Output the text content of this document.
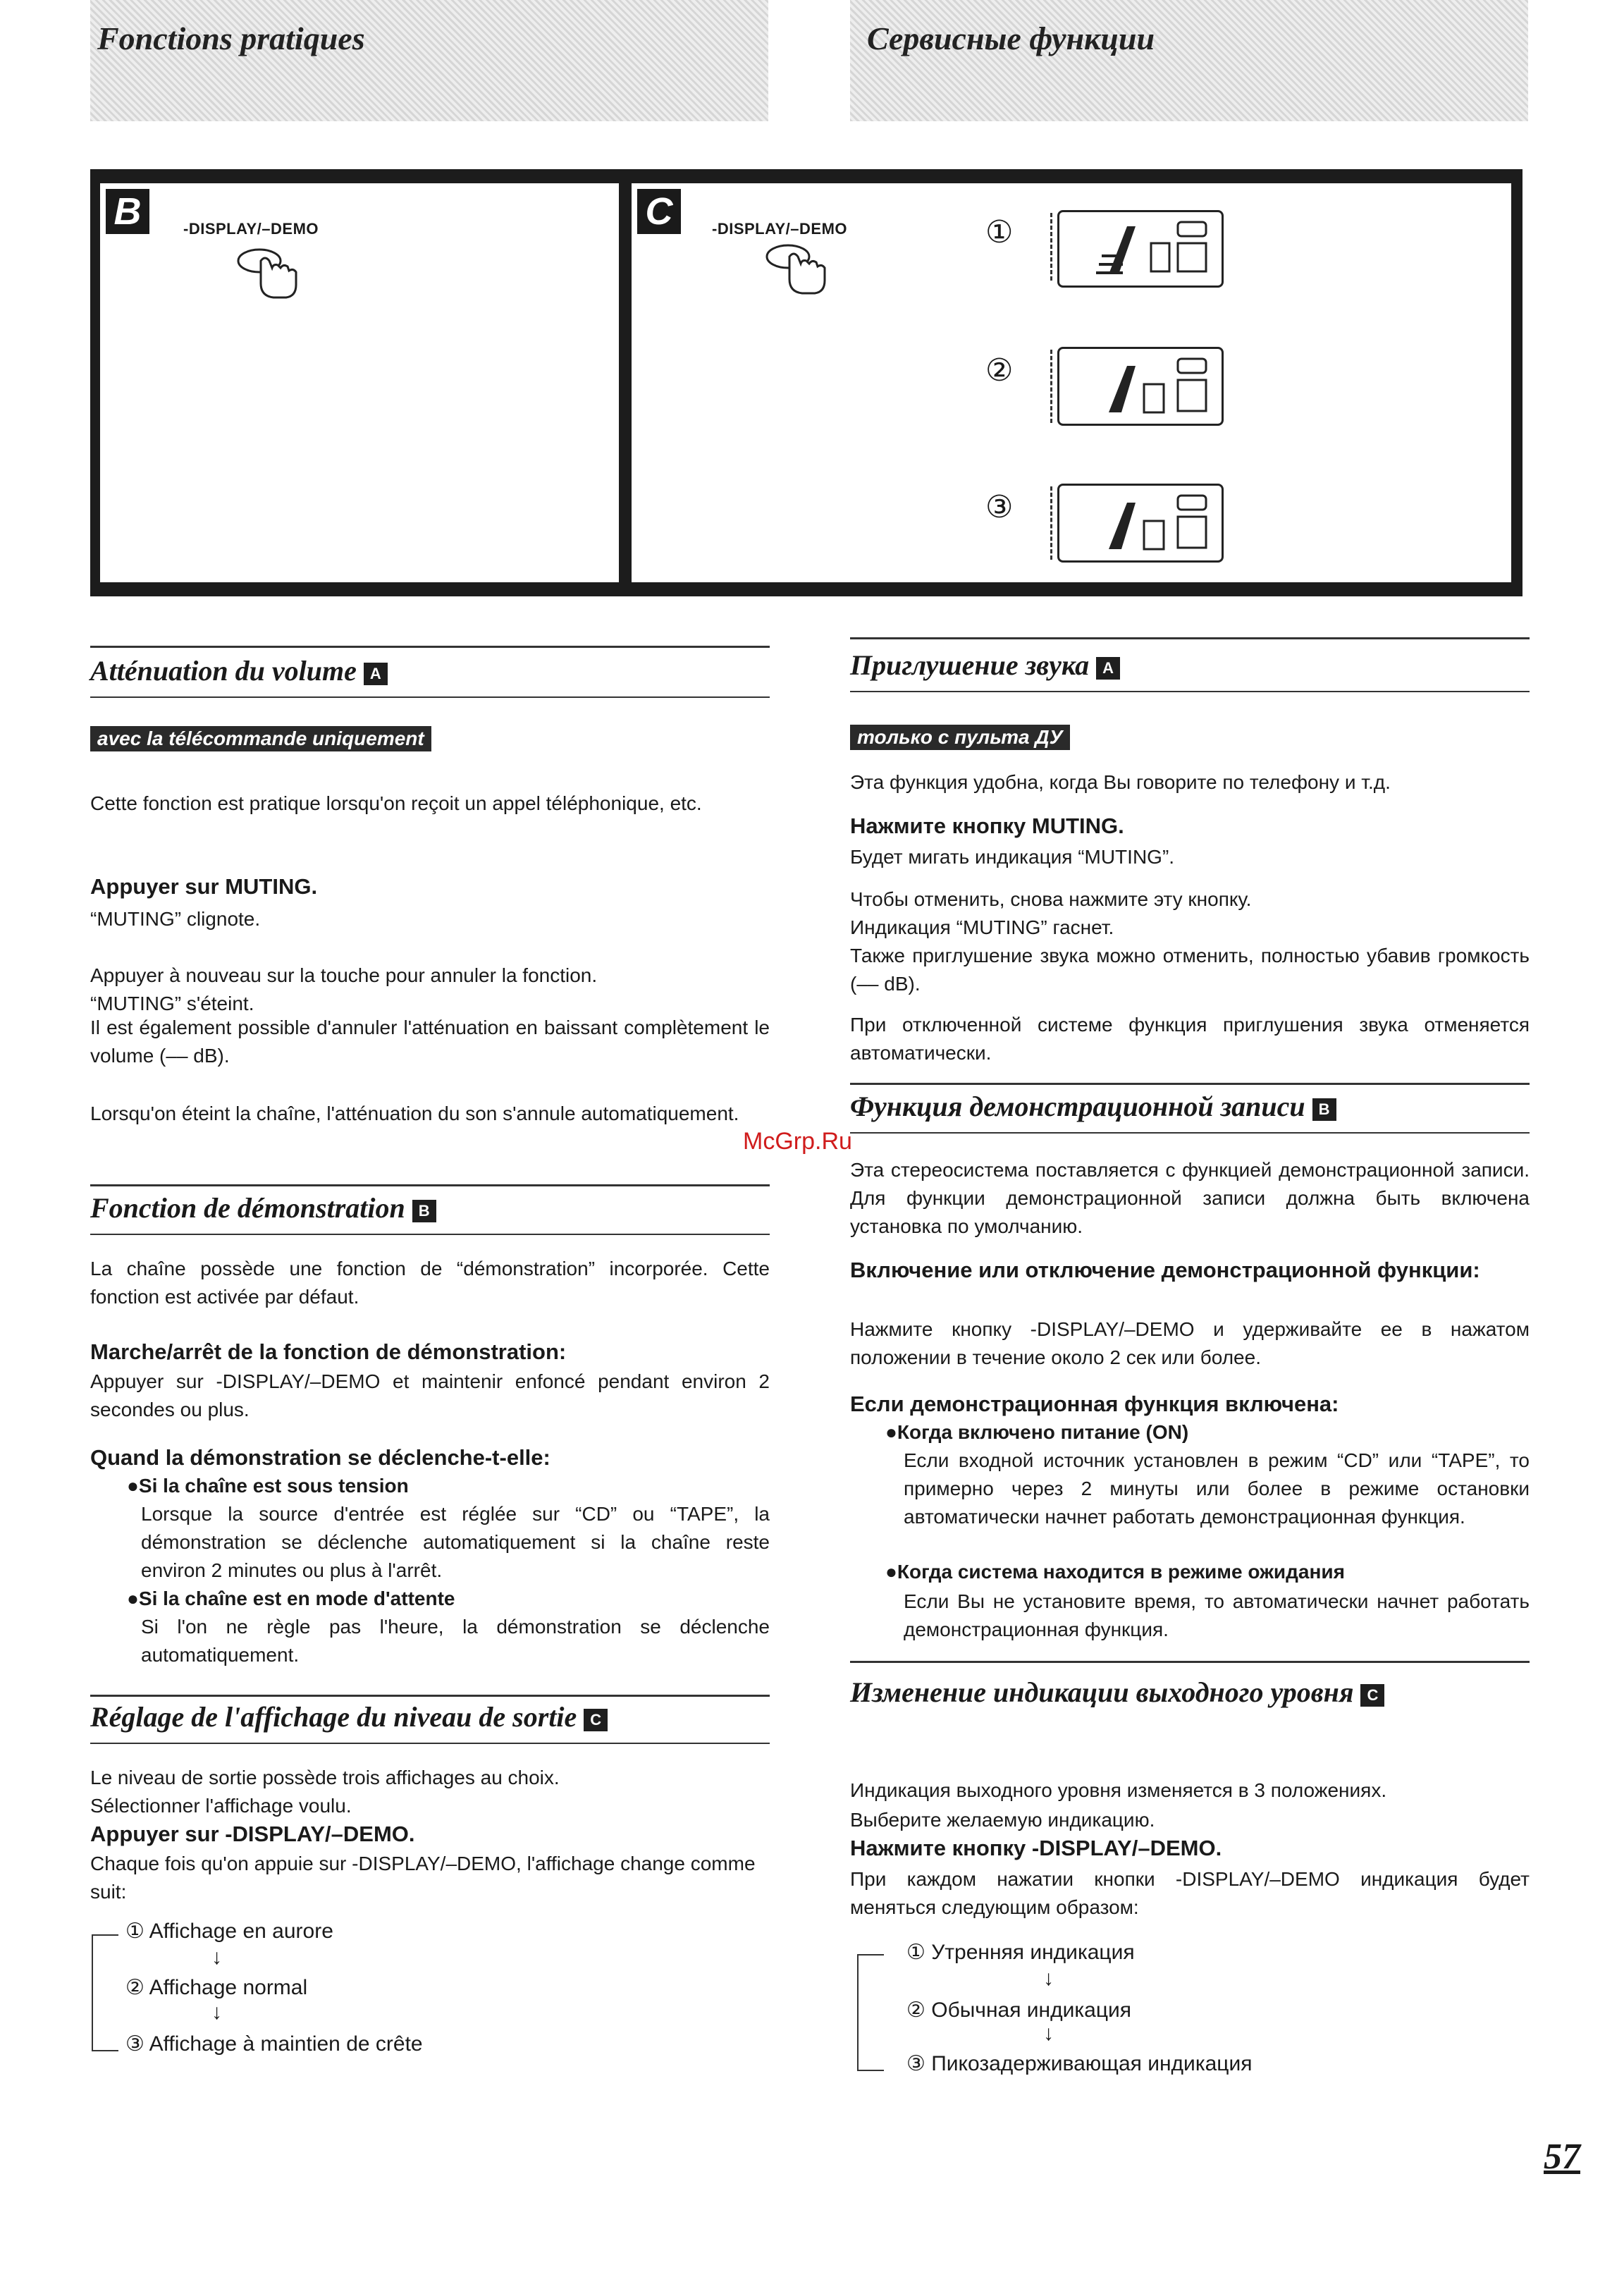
Fonctions pratiques	Сервисные функции
B	-DISPLAY/–DEMO	C	-DISPLAY/–DEMO	①
②
③
Atténuation du volume A
avec la télécommande uniquement
Cette fonction est pratique lorsqu'on reçoit un appel téléphonique, etc.
Appuyer sur MUTING.
“MUTING” clignote.
Appuyer à nouveau sur la touche pour annuler la fonction.
“MUTING” s'éteint.
Il est également possible d'annuler l'atténuation en baissant complètement le volume (–– dB).
Lorsqu'on éteint la chaîne, l'atténuation du son s'annule automatiquement.
Fonction de démonstration B
La chaîne possède une fonction de “démonstration” incorporée. Cette fonction est activée par défaut.
Marche/arrêt de la fonction de démonstration:
Appuyer sur -DISPLAY/–DEMO et maintenir enfoncé pendant environ 2 secondes ou plus.
Quand la démonstration se déclenche-t-elle:
●Si la chaîne est sous tension
Lorsque la source d'entrée est réglée sur “CD” ou “TAPE”, la démonstration se déclenche automatiquement si la chaîne reste environ 2 minutes ou plus à l'arrêt.
●Si la chaîne est en mode d'attente
Si l'on ne règle pas l'heure, la démonstration se déclenche automatiquement.
Réglage de l'affichage du niveau de sortie C
Le niveau de sortie possède trois affichages au choix.
Sélectionner l'affichage voulu.
Appuyer sur -DISPLAY/–DEMO.
Chaque fois qu'on appuie sur -DISPLAY/–DEMO, l'affichage change comme suit:
① Affichage en aurore
↓
② Affichage normal
↓
③ Affichage à maintien de crête
Приглушение звука A
только с пульта ДУ
Эта функция удобна, когда Вы говорите по телефону и т.д.
Нажмите кнопку MUTING.
Будет мигать индикация “MUTING”.
Чтобы отменить, снова нажмите эту кнопку.
Индикация “MUTING” гаснет.
Также приглушение звука можно отменить, полностью убавив громкость (–– dB).
При отключенной системе функция приглушения звука отменяется автоматически.
Функция демонстрационной записи B
Эта стереосистема поставляется с функцией демонстрационной записи. Для функции демонстрационной записи должна быть включена установка по умолчанию.
Включение или отключение демонстрационной функции:
Нажмите кнопку -DISPLAY/–DEMO и удерживайте ее в нажатом положении в течение около 2 сек или более.
Если демонстрационная функция включена:
●Когда включено питание (ON)
Если входной источник установлен в режим “CD” или “TAPE”, то примерно через 2 минуты или более в режиме остановки автоматически начнет работать демонстрационная функция.
●Когда система находится в режиме ожидания
Если Вы не установите время, то автоматически начнет работать демонстрационная функция.
Изменение индикации выходного уровня C
Индикация выходного уровня изменяется в 3 положениях.
Выберите желаемую индикацию.
Нажмите кнопку -DISPLAY/–DEMO.
При каждом нажатии кнопки -DISPLAY/–DEMO индикация будет меняться следующим образом:
① Утренняя индикация
↓
② Обычная индикация
↓
③ Пикозадерживающая индикация
McGrp.Ru
57
